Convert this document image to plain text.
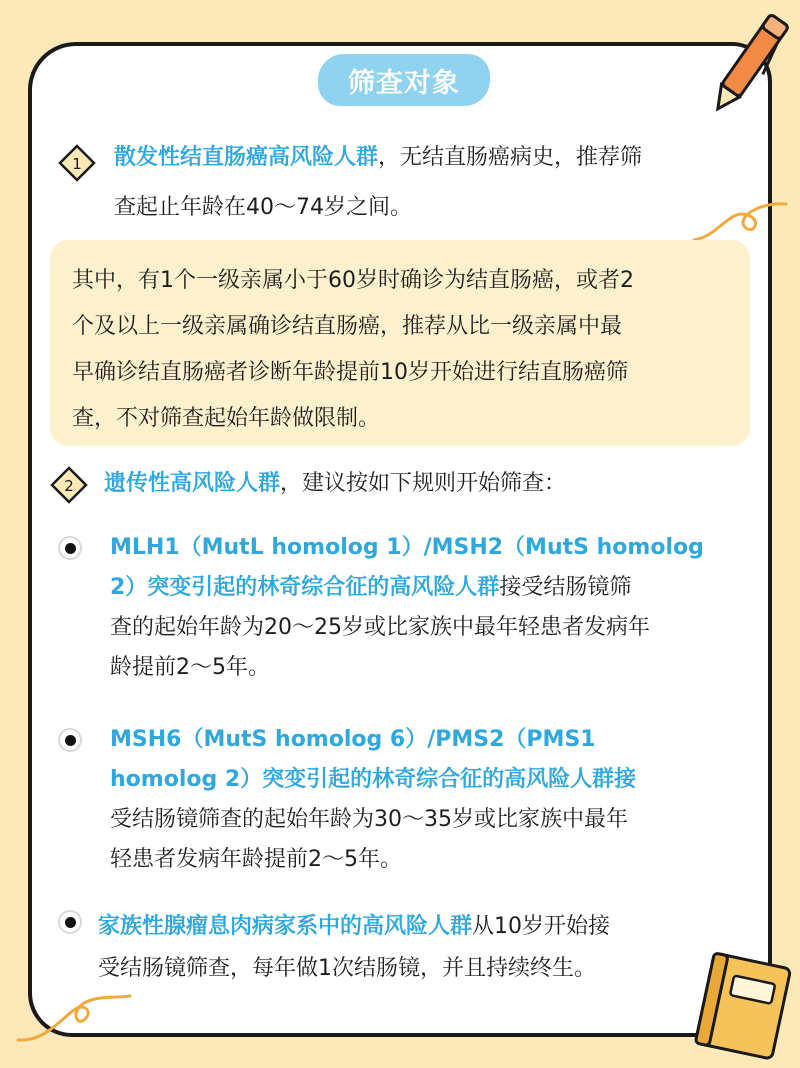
筛查对象
1 散发性结直肠癌高风险人群，无结直肠癌病史，推荐筛
查起止年龄在40～74岁之间。
其中，有1个一级亲属小于60岁时确诊为结直肠癌，或者2
个及以上一级亲属确诊结直肠癌，推荐从比一级亲属中最
早确诊结直肠癌者诊断年龄提前10岁开始进行结直肠癌筛
查，不对筛查起始年龄做限制。
2 遗传性高风险人群，建议按如下规则开始筛查：
MLH1（MutL homolog 1）/MSH2（MutS homolog
2）突变引起的林奇综合征的高风险人群接受结肠镜筛
查的起始年龄为20～25岁或比家族中最年轻患者发病年
龄提前2～5年。
MSH6（MutS homolog 6）/PMS2（PMS1
homolog 2）突变引起的林奇综合征的高风险人群接
受结肠镜筛查的起始年龄为30～35岁或比家族中最年
轻患者发病年龄提前2～5年。
家族性腺瘤息肉病家系中的高风险人群从10岁开始接
受结肠镜筛查，每年做1次结肠镜，并且持续终生。
